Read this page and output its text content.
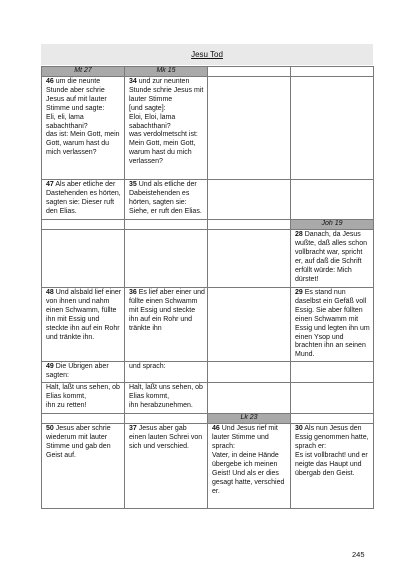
Jesu Tod
Mt 27	Mk 15		
46 um die neunte Stunde aber schrie Jesus auf mit lauter Stimme und sagte:
Eli, eli, lama sabachthani?
das ist: Mein Gott, mein Gott, warum hast du mich verlassen?	34 und zur neunten Stunde schrie Jesus mit lauter Stimme
[und sagte]:
Eloi, Eloi, lama sabachthani?
was verdolmetscht ist: Mein Gott, mein Gott, warum hast du mich verlassen?		
47 Als aber etliche der Dastehenden es hörten, sagten sie: Dieser ruft den Elias.	35 Und als etliche der Dabeistehenden es hörten, sagten sie: Siehe, er ruft den Elias.		
			Joh 19
			28 Danach, da Jesus wußte, daß alles schon vollbracht war, spricht er, auf daß die Schrift erfüllt würde: Mich dürstet!
48 Und alsbald lief einer von ihnen und nahm einen Schwamm, füllte ihn mit Essig und steckte ihn auf ein Rohr und tränkte ihn.	36 Es lief aber einer und füllte einen Schwamm mit Essig und steckte ihn auf ein Rohr und tränkte ihn		29 Es stand nun daselbst ein Gefäß voll Essig. Sie aber füllten einen Schwamm mit Essig und legten ihn um einen Ysop und brachten ihn an seinen Mund.
49 Die Übrigen aber sagten:	und sprach:		
Halt, laßt uns sehen, ob Elias kommt,
ihn zu retten!	Halt, laßt uns sehen, ob Elias kommt,
ihn herabzunehmen.		
		Lk 23	
50 Jesus aber schrie wiederum mit lauter Stimme und gab den Geist auf.	37 Jesus aber gab einen lauten Schrei von sich und verschied.	46 Und Jesus rief mit lauter Stimme und sprach:
Vater, in deine Hände übergebe ich meinen Geist! Und als er dies gesagt hatte, verschied er.	30 Als nun Jesus den Essig genommen hatte, sprach er:
Es ist vollbracht! und er neigte das Haupt und übergab den Geist.
245
